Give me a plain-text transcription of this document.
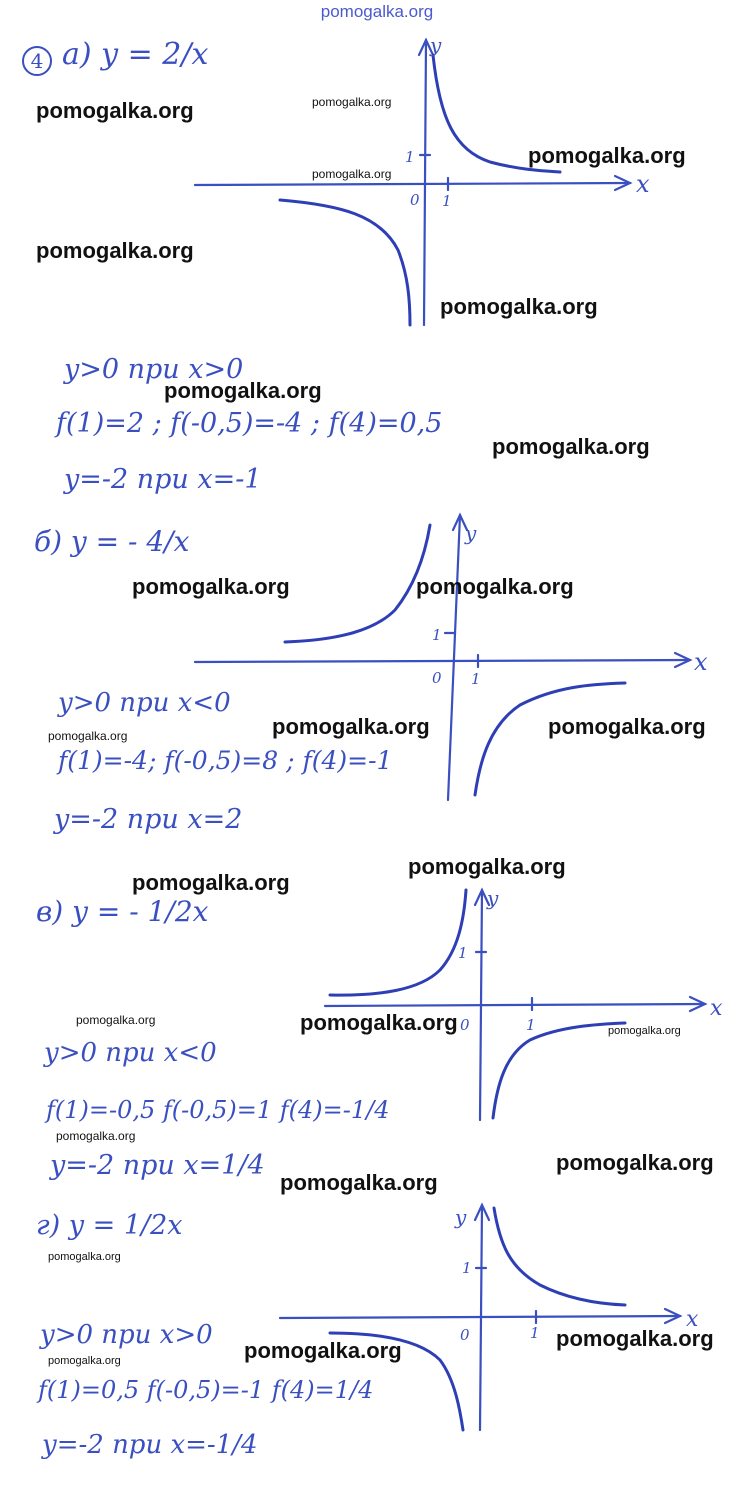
pomogalka.org
0 1
1
x
y
0 1
1
x
y
0	1
1
x
y
0	1
1
x
y
4 а) y = 2/x
y>0 при x>0
f(1)=2 ; f(-0,5)=-4 ; f(4)=0,5
y=-2 при x=-1
б) y = - 4/x
y>0 при x<0
f(1)=-4; f(-0,5)=8 ; f(4)=-1
y=-2 при x=2
в) y = - 1/2x
y>0 при x<0
f(1)=-0,5 f(-0,5)=1 f(4)=-1/4
y=-2 при x=1/4
г) y = 1/2x
y>0 при x>0
f(1)=0,5 f(-0,5)=-1 f(4)=1/4
y=-2 при x=-1/4
pomogalka.org	pomogalka.org
pomogalka.org
pomogalka.org
pomogalka.org
pomogalka.org
pomogalka.org
pomogalka.org
pomogalka.org	pomogalka.org
pomogalka.org	pomogalka.org	pomogalka.org
pomogalka.org
pomogalka.org
pomogalka.org	pomogalka.org	pomogalka.org
pomogalka.org
pomogalka.org
pomogalka.org
pomogalka.org
pomogalka.org
pomogalka.org
pomogalka.org
